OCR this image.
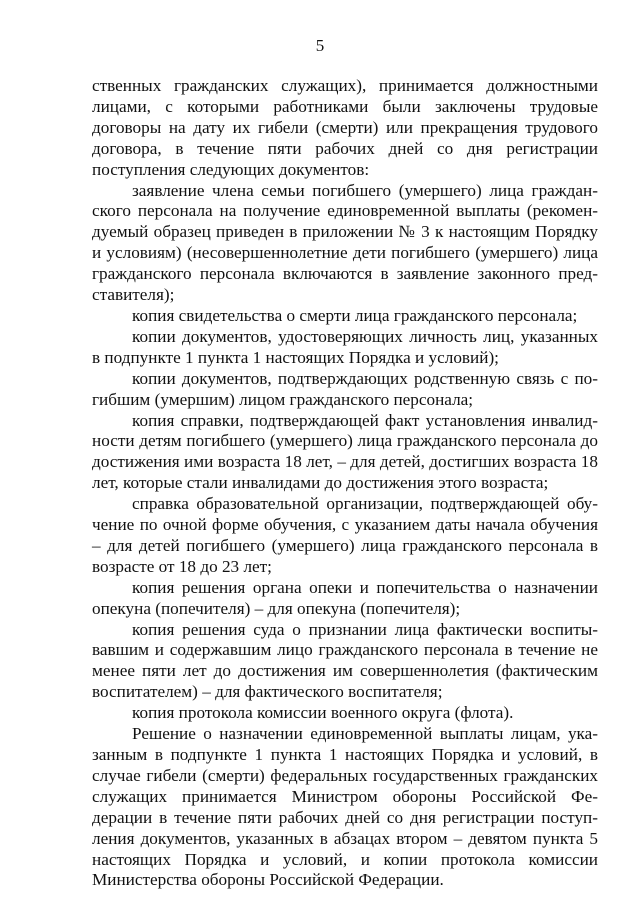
5

ственных гражданских служащих), принимается должностными лицами, с которыми работниками были заключены трудовые договоры на дату их гибели (смерти) или прекращения трудового договора, в течение пяти рабочих дней со дня регистрации поступления следующих документов:

заявление члена семьи погибшего (умершего) лица гражданского персонала на получение единовременной выплаты (рекомендуемый образец приведен в приложении № 3 к настоящим Порядку и условиям) (несовершеннолетние дети погибшего (умершего) лица гражданского персонала включаются в заявление законного представителя);

копия свидетельства о смерти лица гражданского персонала;

копии документов, удостоверяющих личность лиц, указанных в подпункте 1 пункта 1 настоящих Порядка и условий);

копии документов, подтверждающих родственную связь с погибшим (умершим) лицом гражданского персонала;

копия справки, подтверждающей факт установления инвалидности детям погибшего (умершего) лица гражданского персонала до достижения ими возраста 18 лет, – для детей, достигших возраста 18 лет, которые стали инвалидами до достижения этого возраста;

справка образовательной организации, подтверждающей обучение по очной форме обучения, с указанием даты начала обучения – для детей погибшего (умершего) лица гражданского персонала в возрасте от 18 до 23 лет;

копия решения органа опеки и попечительства о назначении опекуна (попечителя) – для опекуна (попечителя);

копия решения суда о признании лица фактически воспитывавшим и содержавшим лицо гражданского персонала в течение не менее пяти лет до достижения им совершеннолетия (фактическим воспитателем) – для фактического воспитателя;

копия протокола комиссии военного округа (флота).

Решение о назначении единовременной выплаты лицам, указанным в подпункте 1 пункта 1 настоящих Порядка и условий, в случае гибели (смерти) федеральных государственных гражданских служащих принимается Министром обороны Российской Федерации в течение пяти рабочих дней со дня регистрации поступления документов, указанных в абзацах втором – девятом пункта 5 настоящих Порядка и условий, и копии протокола комиссии Министерства обороны Российской Федерации.
